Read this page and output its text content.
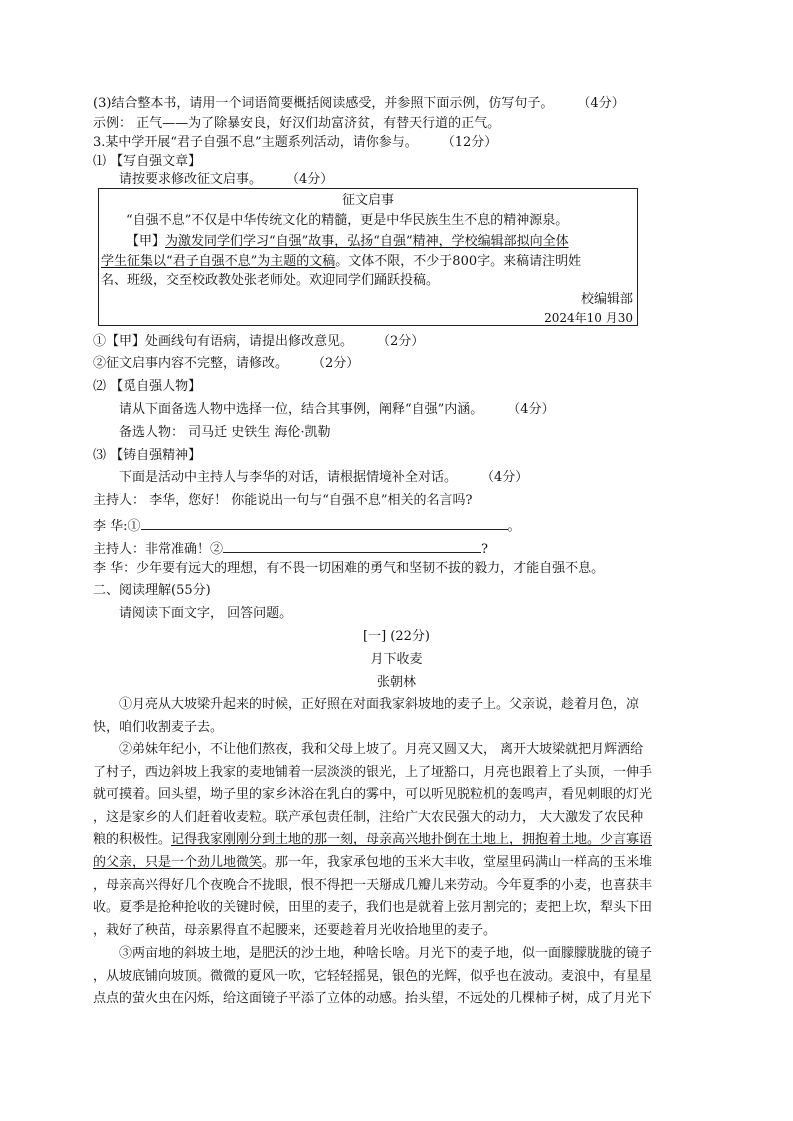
(3)结合整本书，请用一个词语简要概括阅读感受，并参照下面示例，仿写句子。 （4分）
示例： 正气——为了除暴安良，好汉们劫富济贫，有替天行道的正气。
3.某中学开展“君子自强不息”主题系列活动，请你参与。 （12分）
⑴ 【写自强文章】
请按要求修改征文启事。 （4分）
征文启事
“自强不息”不仅是中华传统文化的精髓，更是中华民族生生不息的精神源泉。
【甲】为激发同学们学习“自强”故事，弘扬“自强”精神，学校编辑部拟向全体
学生征集以“君子自强不息”为主题的文稿。文体不限，不少于800字。来稿请注明姓
名、班级，交至校政教处张老师处。欢迎同学们踊跃投稿。
校编辑部
2024年10 月30
①【甲】处画线句有语病，请提出修改意见。 （2分）
②征文启事内容不完整，请修改。 （2分）
⑵ 【觅自强人物】
请从下面备选人物中选择一位，结合其事例，阐释“自强”内涵。 （4分）
备选人物： 司马迁 史铁生 海伦·凯勒
⑶ 【铸自强精神】
下面是活动中主持人与李华的对话，请根据情境补全对话。 （4分）
主持人： 李华，您好！ 你能说出一句与“自强不息”相关的名言吗?
李 华:①	。
主持人：非常准确！②	?
李 华：少年要有远大的理想，有不畏一切困难的勇气和坚韧不拔的毅力，才能自强不息。
二、阅读理解(55分)
请阅读下面文字， 回答问题。
[一] (22分)
月下收麦
张朝林
①月亮从大坡梁升起来的时候，正好照在对面我家斜坡地的麦子上。父亲说，趁着月色，凉
快，咱们收割麦子去。
②弟妹年纪小，不让他们熬夜，我和父母上坡了。月亮又圆又大， 离开大坡梁就把月辉洒给
了村子，西边斜坡上我家的麦地铺着一层淡淡的银光，上了垭豁口，月亮也跟着上了头顶，一伸手
就可摸着。回头望，坳子里的家乡沐浴在乳白的雾中，可以听见脱粒机的轰鸣声，看见刺眼的灯光
，这是家乡的人们赶着收麦粒。联产承包责任制，注给广大农民强大的动力， 大大激发了农民种
粮的积极性。记得我家刚刚分到土地的那一刻，母亲高兴地扑倒在土地上，拥抱着土地。少言寡语
的父亲，只是一个劲儿地微笑。那一年，我家承包地的玉米大丰收，堂屋里码满山一样高的玉米堆
，母亲高兴得好几个夜晚合不拢眼，恨不得把一天掰成几瓣儿来劳动。今年夏季的小麦，也喜获丰
收。夏季是抢种抢收的关键时候，田里的麦子，我们也是就着上弦月割完的；麦把上坎，犁头下田
，栽好了秧苗，母亲累得直不起腰来，还要趁着月光收拾地里的麦子。
③两亩地的斜坡土地，是肥沃的沙土地，种啥长啥。月光下的麦子地，似一面朦朦胧胧的镜子
，从坡底铺向坡顶。微微的夏风一吹，它轻轻摇晃，银色的光辉，似乎也在波动。麦浪中，有星星
点点的萤火虫在闪烁，给这面镜子平添了立体的动感。抬头望，不远处的几棵柿子树，成了月光下
